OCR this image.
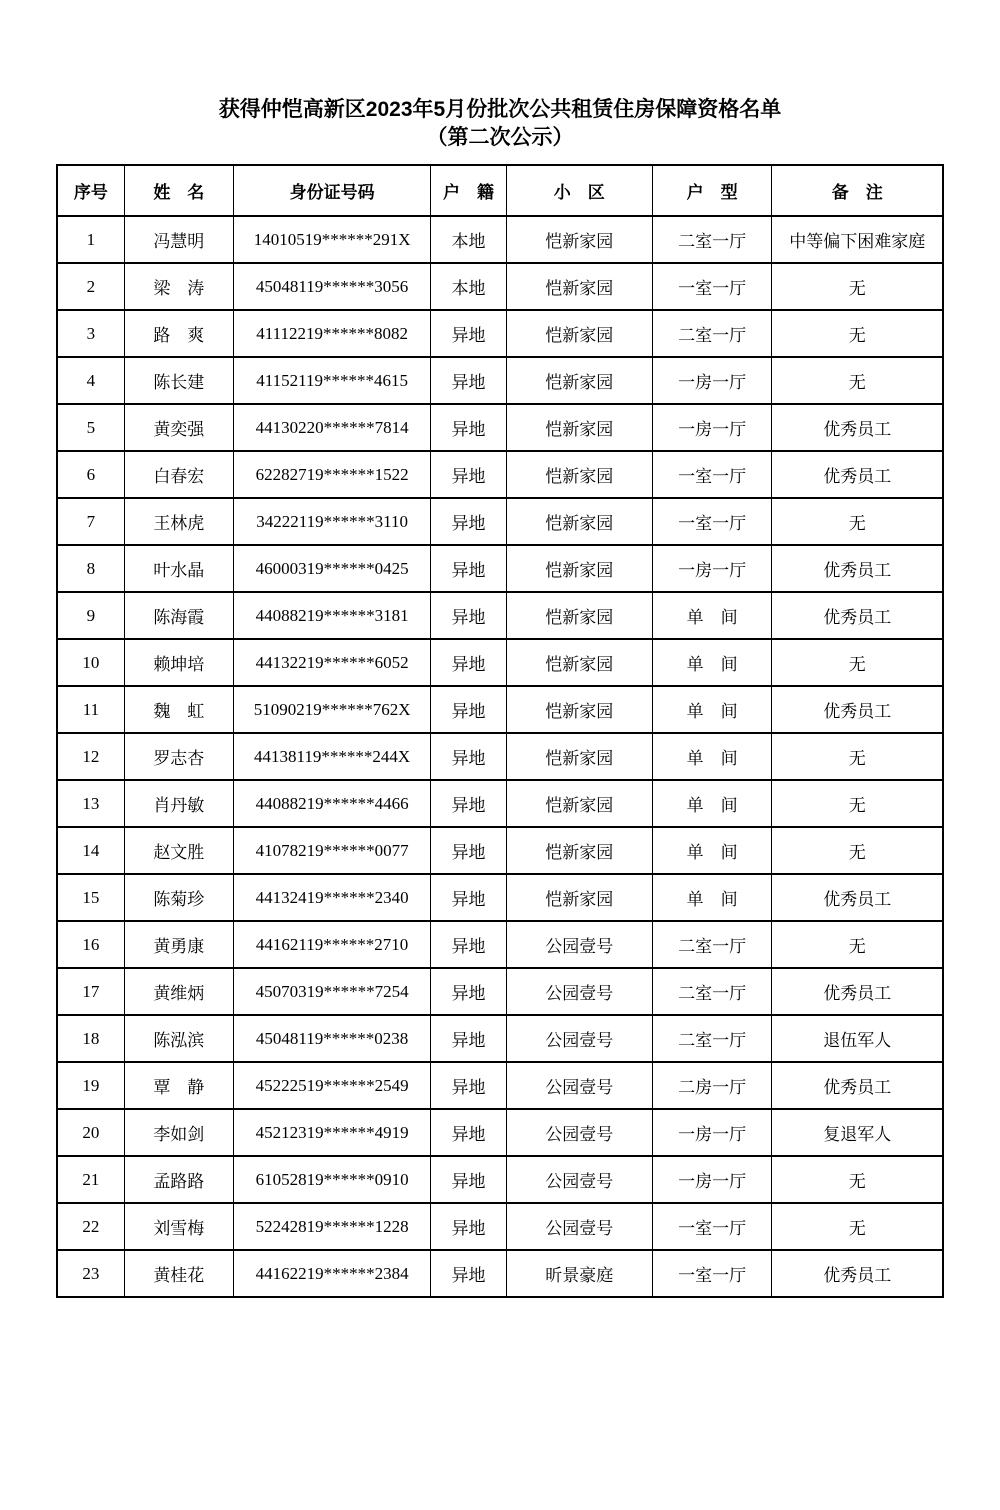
获得仲恺高新区2023年5月份批次公共租赁住房保障资格名单
（第二次公示）
序号	姓　名	身份证号码	户　籍	小　区	户　型	备　注
1	冯慧明	14010519******291X	本地	恺新家园	二室一厅	中等偏下困难家庭
2	梁　涛	45048119******3056	本地	恺新家园	一室一厅	无
3	路　爽	41112219******8082	异地	恺新家园	二室一厅	无
4	陈长建	41152119******4615	异地	恺新家园	一房一厅	无
5	黄奕强	44130220******7814	异地	恺新家园	一房一厅	优秀员工
6	白春宏	62282719******1522	异地	恺新家园	一室一厅	优秀员工
7	王林虎	34222119******3110	异地	恺新家园	一室一厅	无
8	叶水晶	46000319******0425	异地	恺新家园	一房一厅	优秀员工
9	陈海霞	44088219******3181	异地	恺新家园	单　间	优秀员工
10	赖坤培	44132219******6052	异地	恺新家园	单　间	无
11	魏　虹	51090219******762X	异地	恺新家园	单　间	优秀员工
12	罗志杏	44138119******244X	异地	恺新家园	单　间	无
13	肖丹敏	44088219******4466	异地	恺新家园	单　间	无
14	赵文胜	41078219******0077	异地	恺新家园	单　间	无
15	陈菊珍	44132419******2340	异地	恺新家园	单　间	优秀员工
16	黄勇康	44162119******2710	异地	公园壹号	二室一厅	无
17	黄维炳	45070319******7254	异地	公园壹号	二室一厅	优秀员工
18	陈泓滨	45048119******0238	异地	公园壹号	二室一厅	退伍军人
19	覃　静	45222519******2549	异地	公园壹号	二房一厅	优秀员工
20	李如剑	45212319******4919	异地	公园壹号	一房一厅	复退军人
21	孟路路	61052819******0910	异地	公园壹号	一房一厅	无
22	刘雪梅	52242819******1228	异地	公园壹号	一室一厅	无
23	黄桂花	44162219******2384	异地	昕景豪庭	一室一厅	优秀员工
